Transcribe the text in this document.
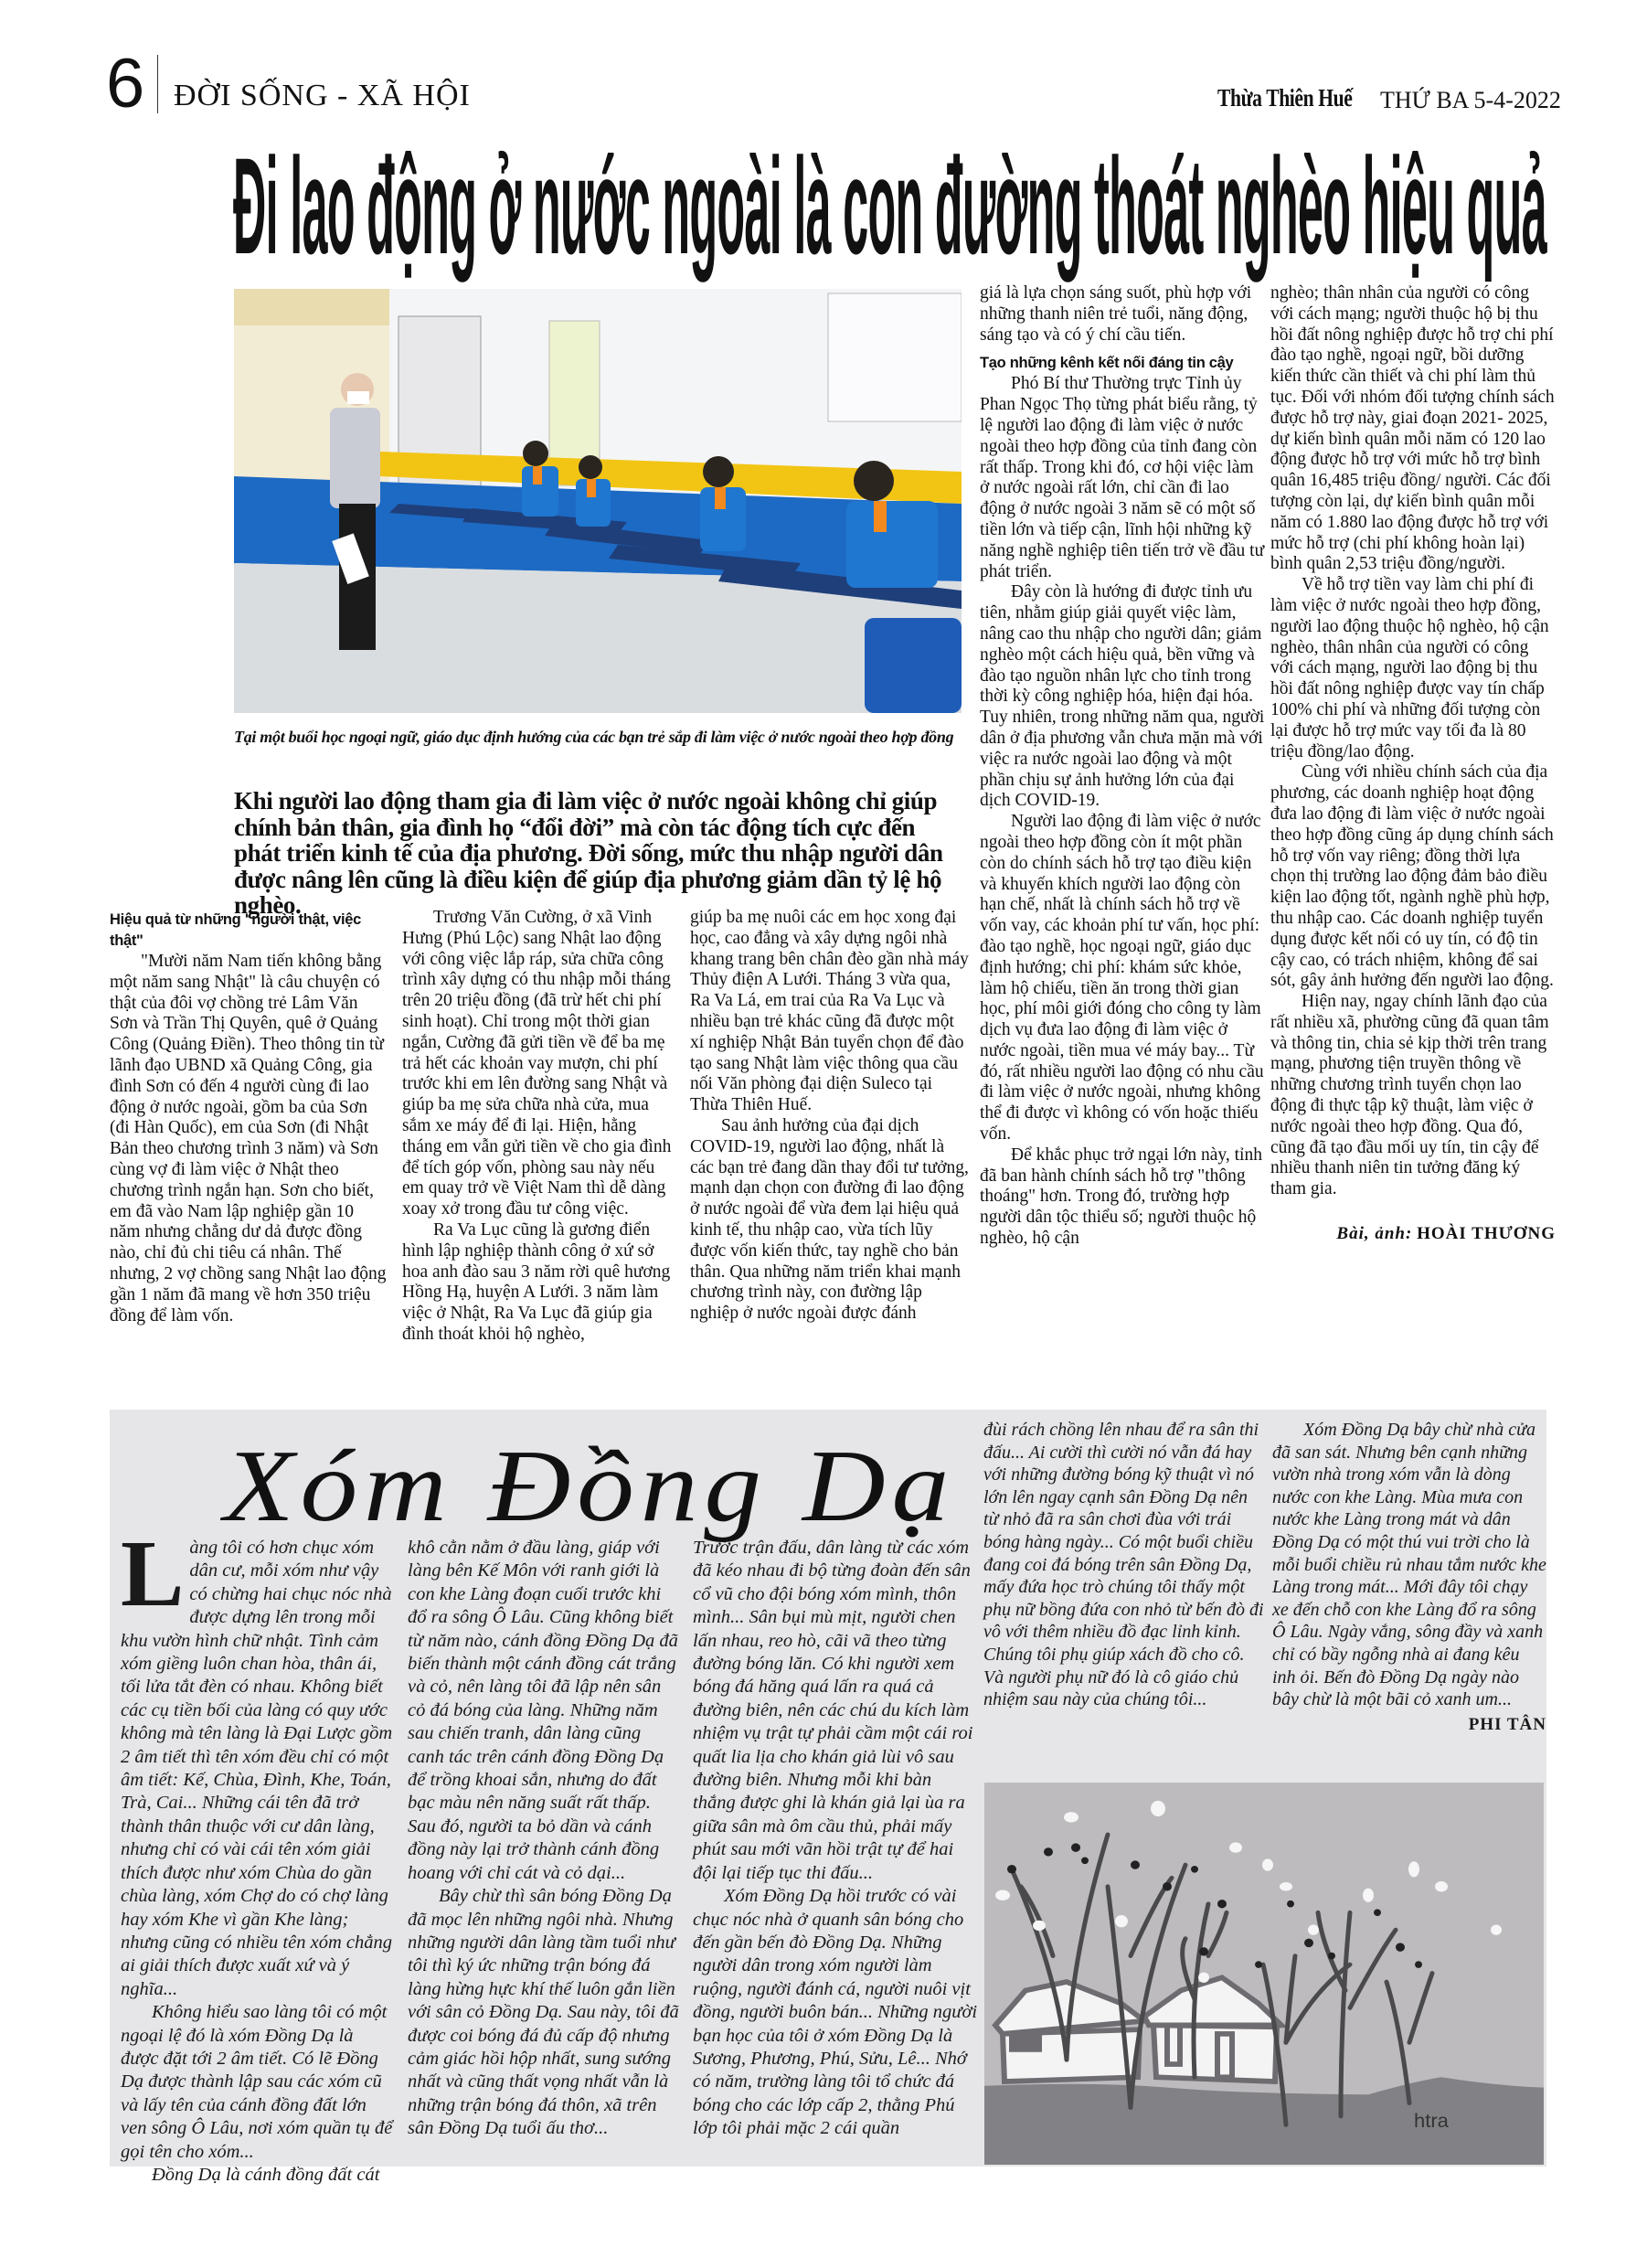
6 ĐỜI SỐNG - XÃ HỘI	Thừa Thiên Huế THỨ BA 5-4-2022
Đi lao động ở nước ngoài là con đường thoát nghèo hiệu quả
Tại một buổi học ngoại ngữ, giáo dục định hướng của các bạn trẻ sắp đi làm việc ở nước ngoài theo hợp đồng
Khi người lao động tham gia đi làm việc ở nước ngoài không chỉ giúp chính bản thân, gia đình họ “đổi đời” mà còn tác động tích cực đến phát triển kinh tế của địa phương. Đời sống, mức thu nhập người dân được nâng lên cũng là điều kiện để giúp địa phương giảm dần tỷ lệ hộ nghèo.
Hiệu quả từ những "người thật, việc thật"

"Mười năm Nam tiến không bằng một năm sang Nhật" là câu chuyện có thật của đôi vợ chồng trẻ Lâm Văn Sơn và Trần Thị Quyên, quê ở Quảng Công (Quảng Điền). Theo thông tin từ lãnh đạo UBND xã Quảng Công, gia đình Sơn có đến 4 người cùng đi lao động ở nước ngoài, gồm ba của Sơn (đi Hàn Quốc), em của Sơn (đi Nhật Bản theo chương trình 3 năm) và Sơn cùng vợ đi làm việc ở Nhật theo chương trình ngắn hạn. Sơn cho biết, em đã vào Nam lập nghiệp gần 10 năm nhưng chẳng dư dả được đồng nào, chỉ đủ chi tiêu cá nhân. Thế nhưng, 2 vợ chồng sang Nhật lao động gần 1 năm đã mang về hơn 350 triệu đồng để làm vốn.

Trương Văn Cường, ở xã Vinh Hưng (Phú Lộc) sang Nhật lao động với công việc lắp ráp, sửa chữa công trình xây dựng có thu nhập mỗi tháng trên 20 triệu đồng (đã trừ hết chi phí sinh hoạt). Chỉ trong một thời gian ngắn, Cường đã gửi tiền về để ba mẹ trả hết các khoản vay mượn, chi phí trước khi em lên đường sang Nhật và giúp ba mẹ sửa chữa nhà cửa, mua sắm xe máy để đi lại. Hiện, hằng tháng em vẫn gửi tiền về cho gia đình để tích góp vốn, phòng sau này nếu em quay trở về Việt Nam thì dễ dàng xoay xở trong đầu tư công việc.

Ra Va Lục cũng là gương điển hình lập nghiệp thành công ở xứ sở hoa anh đào sau 3 năm rời quê hương Hồng Hạ, huyện A Lưới. 3 năm làm việc ở Nhật, Ra Va Lục đã giúp gia đình thoát khỏi hộ nghèo,

giúp ba mẹ nuôi các em học xong đại học, cao đẳng và xây dựng ngôi nhà khang trang bên chân đèo gần nhà máy Thủy điện A Lưới. Tháng 3 vừa qua, Ra Va Lá, em trai của Ra Va Lục và nhiều bạn trẻ khác cũng đã được một xí nghiệp Nhật Bản tuyển chọn để đào tạo sang Nhật làm việc thông qua cầu nối Văn phòng đại diện Suleco tại Thừa Thiên Huế.

Sau ảnh hưởng của đại dịch COVID-19, người lao động, nhất là các bạn trẻ đang dần thay đổi tư tưởng, mạnh dạn chọn con đường đi lao động ở nước ngoài để vừa đem lại hiệu quả kinh tế, thu nhập cao, vừa tích lũy được vốn kiến thức, tay nghề cho bản thân. Qua những năm triển khai mạnh chương trình này, con đường lập nghiệp ở nước ngoài được đánh

giá là lựa chọn sáng suốt, phù hợp với những thanh niên trẻ tuổi, năng động, sáng tạo và có ý chí cầu tiến.

Tạo những kênh kết nối đáng tin cậy

Phó Bí thư Thường trực Tỉnh ủy Phan Ngọc Thọ từng phát biểu rằng, tỷ lệ người lao động đi làm việc ở nước ngoài theo hợp đồng của tỉnh đang còn rất thấp. Trong khi đó, cơ hội việc làm ở nước ngoài rất lớn, chỉ cần đi lao động ở nước ngoài 3 năm sẽ có một số tiền lớn và tiếp cận, lĩnh hội những kỹ năng nghề nghiệp tiên tiến trở về đầu tư phát triển.

Đây còn là hướng đi được tỉnh ưu tiên, nhằm giúp giải quyết việc làm, nâng cao thu nhập cho người dân; giảm nghèo một cách hiệu quả, bền vững và đào tạo nguồn nhân lực cho tỉnh trong thời kỳ công nghiệp hóa, hiện đại hóa. Tuy nhiên, trong những năm qua, người dân ở địa phương vẫn chưa mặn mà với việc ra nước ngoài lao động và một phần chịu sự ảnh hưởng lớn của đại dịch COVID-19.

Người lao động đi làm việc ở nước ngoài theo hợp đồng còn ít một phần còn do chính sách hỗ trợ tạo điều kiện và khuyến khích người lao động còn hạn chế, nhất là chính sách hỗ trợ về vốn vay, các khoản phí tư vấn, học phí: đào tạo nghề, học ngoại ngữ, giáo dục định hướng; chi phí: khám sức khỏe, làm hộ chiếu, tiền ăn trong thời gian học, phí môi giới đóng cho công ty làm dịch vụ đưa lao động đi làm việc ở nước ngoài, tiền mua vé máy bay... Từ đó, rất nhiều người lao động có nhu cầu đi làm việc ở nước ngoài, nhưng không thể đi được vì không có vốn hoặc thiếu vốn.

Để khắc phục trở ngại lớn này, tỉnh đã ban hành chính sách hỗ trợ "thông thoáng" hơn. Trong đó, trường hợp người dân tộc thiểu số; người thuộc hộ nghèo, hộ cận

nghèo; thân nhân của người có công với cách mạng; người thuộc hộ bị thu hồi đất nông nghiệp được hỗ trợ chi phí đào tạo nghề, ngoại ngữ, bồi dưỡng kiến thức cần thiết và chi phí làm thủ tục. Đối với nhóm đối tượng chính sách được hỗ trợ này, giai đoạn 2021- 2025, dự kiến bình quân mỗi năm có 120 lao động được hỗ trợ với mức hỗ trợ bình quân 16,485 triệu đồng/ người. Các đối tượng còn lại, dự kiến bình quân mỗi năm có 1.880 lao động được hỗ trợ với mức hỗ trợ (chi phí không hoàn lại) bình quân 2,53 triệu đồng/người.

Về hỗ trợ tiền vay làm chi phí đi làm việc ở nước ngoài theo hợp đồng, người lao động thuộc hộ nghèo, hộ cận nghèo, thân nhân của người có công với cách mạng, người lao động bị thu hồi đất nông nghiệp được vay tín chấp 100% chi phí và những đối tượng còn lại được hỗ trợ mức vay tối đa là 80 triệu đồng/lao động.

Cùng với nhiều chính sách của địa phương, các doanh nghiệp hoạt động đưa lao động đi làm việc ở nước ngoài theo hợp đồng cũng áp dụng chính sách hỗ trợ vốn vay riêng; đồng thời lựa chọn thị trường lao động đảm bảo điều kiện lao động tốt, ngành nghề phù hợp, thu nhập cao. Các doanh nghiệp tuyển dụng được kết nối có uy tín, có độ tin cậy cao, có trách nhiệm, không để sai sót, gây ảnh hưởng đến người lao động.

Hiện nay, ngay chính lãnh đạo của rất nhiều xã, phường cũng đã quan tâm và thông tin, chia sẻ kịp thời trên trang mạng, phương tiện truyền thông về những chương trình tuyển chọn lao động đi thực tập kỹ thuật, làm việc ở nước ngoài theo hợp đồng. Qua đó, cũng đã tạo đầu mối uy tín, tin cậy để nhiều thanh niên tin tưởng đăng ký tham gia.

Bài, ảnh: HOÀI THƯƠNG
Xóm Đồng Dạ

Làng tôi có hơn chục xóm dân cư, mỗi xóm như vậy có chừng hai chục nóc nhà được dựng lên trong mỗi khu vườn hình chữ nhật. Tình cảm xóm giềng luôn chan hòa, thân ái, tối lửa tắt đèn có nhau. Không biết các cụ tiền bối của làng có quy ước không mà tên làng là Đại Lược gồm 2 âm tiết thì tên xóm đều chỉ có một âm tiết: Kế, Chùa, Đình, Khe, Toán, Trà, Cai... Những cái tên đã trở thành thân thuộc với cư dân làng, nhưng chỉ có vài cái tên xóm giải thích được như xóm Chùa do gần chùa làng, xóm Chợ do có chợ làng hay xóm Khe vì gần Khe làng; nhưng cũng có nhiều tên xóm chẳng ai giải thích được xuất xứ và ý nghĩa...

Không hiểu sao làng tôi có một ngoại lệ đó là xóm Đồng Dạ là được đặt tới 2 âm tiết. Có lẽ Đồng Dạ được thành lập sau các xóm cũ và lấy tên của cánh đồng đất lớn ven sông Ô Lâu, nơi xóm quần tụ để gọi tên cho xóm...

Đồng Dạ là cánh đồng đất cát

khô cằn nằm ở đầu làng, giáp với làng bên Kế Môn với ranh giới là con khe Làng đoạn cuối trước khi đổ ra sông Ô Lâu. Cũng không biết từ năm nào, cánh đồng Đồng Dạ đã biến thành một cánh đồng cát trắng và cỏ, nên làng tôi đã lập nên sân cỏ đá bóng của làng. Những năm sau chiến tranh, dân làng cũng canh tác trên cánh đồng Đồng Dạ để trồng khoai sắn, nhưng do đất bạc màu nên năng suất rất thấp. Sau đó, người ta bỏ dần và cánh đồng này lại trở thành cánh đồng hoang với chỉ cát và cỏ dại...

Bây chừ thì sân bóng Đồng Dạ đã mọc lên những ngôi nhà. Nhưng những người dân làng tầm tuổi như tôi thì ký ức những trận bóng đá làng hừng hực khí thế luôn gắn liền với sân cỏ Đồng Dạ. Sau này, tôi đã được coi bóng đá đủ cấp độ nhưng cảm giác hồi hộp nhất, sung sướng nhất và cũng thất vọng nhất vẫn là những trận bóng đá thôn, xã trên sân Đồng Dạ tuổi ấu thơ...

Trước trận đấu, dân làng từ các xóm đã kéo nhau đi bộ từng đoàn đến sân cổ vũ cho đội bóng xóm mình, thôn mình... Sân bụi mù mịt, người chen lấn nhau, reo hò, cãi vã theo từng đường bóng lăn. Có khi người xem bóng đá hăng quá lấn ra quá cả đường biên, nên các chú du kích làm nhiệm vụ trật tự phải cầm một cái roi quất lia lịa cho khán giả lùi vô sau đường biên. Nhưng mỗi khi bàn thắng được ghi là khán giả lại ùa ra giữa sân mà ôm cầu thủ, phải mấy phút sau mới vãn hồi trật tự để hai đội lại tiếp tục thi đấu...

Xóm Đồng Dạ hồi trước có vài chục nóc nhà ở quanh sân bóng cho đến gần bến đò Đồng Dạ. Những người dân trong xóm người làm ruộng, người đánh cá, người nuôi vịt đồng, người buôn bán... Những người bạn học của tôi ở xóm Đồng Dạ là Sương, Phương, Phú, Sửu, Lê... Nhớ có năm, trường làng tôi tổ chức đá bóng cho các lớp cấp 2, thằng Phú lớp tôi phải mặc 2 cái quần

đùi rách chồng lên nhau để ra sân thi đấu... Ai cười thì cười nó vẫn đá hay với những đường bóng kỹ thuật vì nó lớn lên ngay cạnh sân Đồng Dạ nên từ nhỏ đã ra sân chơi đùa với trái bóng hàng ngày... Có một buổi chiều đang coi đá bóng trên sân Đồng Dạ, mấy đứa học trò chúng tôi thấy một phụ nữ bồng đứa con nhỏ từ bến đò đi vô với thêm nhiều đồ đạc lỉnh kỉnh. Chúng tôi phụ giúp xách đồ cho cô. Và người phụ nữ đó là cô giáo chủ nhiệm sau này của chúng tôi...

Xóm Đồng Dạ bây chừ nhà cửa đã san sát. Nhưng bên cạnh những vườn nhà trong xóm vẫn là dòng nước con khe Làng. Mùa mưa con nước khe Làng trong mát và dân Đồng Dạ có một thú vui trời cho là mỗi buổi chiều rủ nhau tắm nước khe Làng trong mát... Mới đây tôi chạy xe đến chỗ con khe Làng đổ ra sông Ô Lâu. Ngày vắng, sông đầy và xanh chỉ có bầy ngỗng nhà ai đang kêu inh ỏi. Bến đò Đồng Dạ ngày nào bây chừ là một bãi cỏ xanh um...

PHI TÂN
htra
